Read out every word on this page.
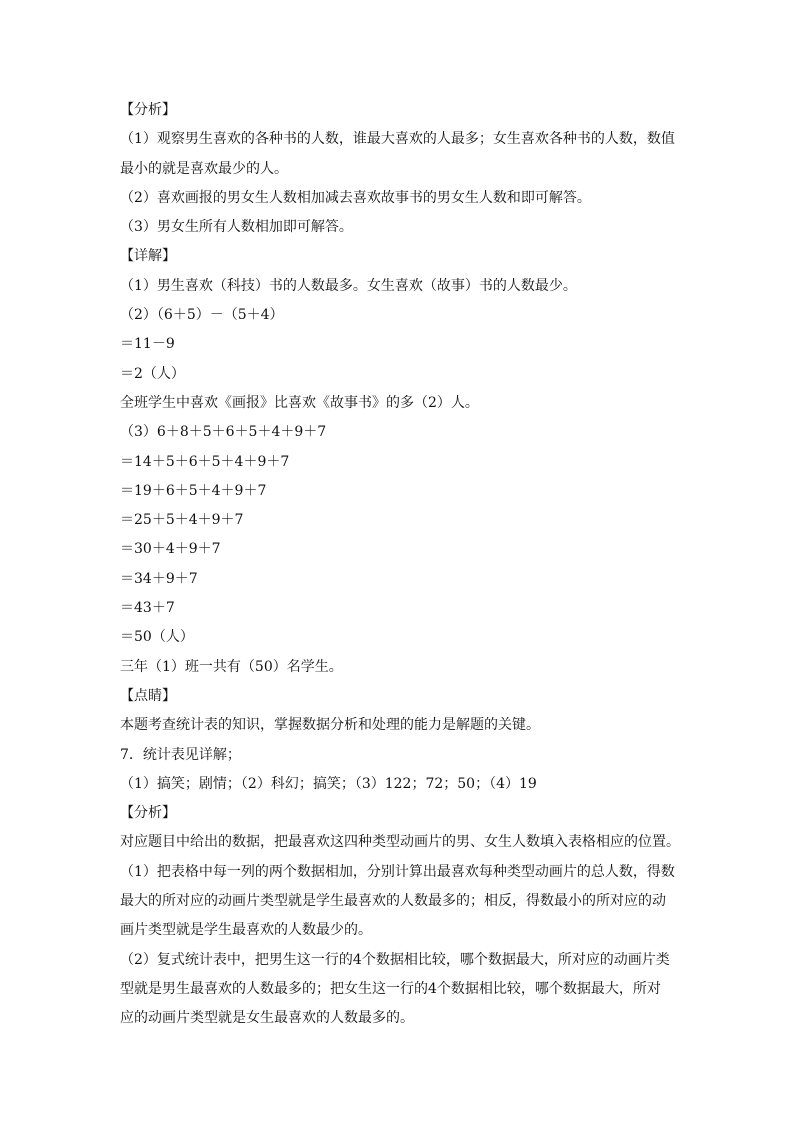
【分析】
（1）观察男生喜欢的各种书的人数，谁最大喜欢的人最多；女生喜欢各种书的人数，数值
最小的就是喜欢最少的人。
（2）喜欢画报的男女生人数相加减去喜欢故事书的男女生人数和即可解答。
（3）男女生所有人数相加即可解答。
【详解】
（1）男生喜欢（科技）书的人数最多。女生喜欢（故事）书的人数最少。
（2）（6＋5）－（5＋4）
＝11－9
＝2（人）
全班学生中喜欢《画报》比喜欢《故事书》的多（2）人。
（3）6＋8＋5＋6＋5＋4＋9＋7
＝14＋5＋6＋5＋4＋9＋7
＝19＋6＋5＋4＋9＋7
＝25＋5＋4＋9＋7
＝30＋4＋9＋7
＝34＋9＋7
＝43＋7
＝50（人）
三年（1）班一共有（50）名学生。
【点睛】
本题考查统计表的知识，掌握数据分析和处理的能力是解题的关键。
7．统计表见详解；
（1）搞笑；剧情；（2）科幻；搞笑；（3）122；72；50；（4）19
【分析】
对应题目中给出的数据，把最喜欢这四种类型动画片的男、女生人数填入表格相应的位置。
（1）把表格中每一列的两个数据相加，分别计算出最喜欢每种类型动画片的总人数，得数
最大的所对应的动画片类型就是学生最喜欢的人数最多的；相反，得数最小的所对应的动
画片类型就是学生最喜欢的人数最少的。
（2）复式统计表中，把男生这一行的4个数据相比较，哪个数据最大，所对应的动画片类
型就是男生最喜欢的人数最多的；把女生这一行的4个数据相比较，哪个数据最大，所对
应的动画片类型就是女生最喜欢的人数最多的。
